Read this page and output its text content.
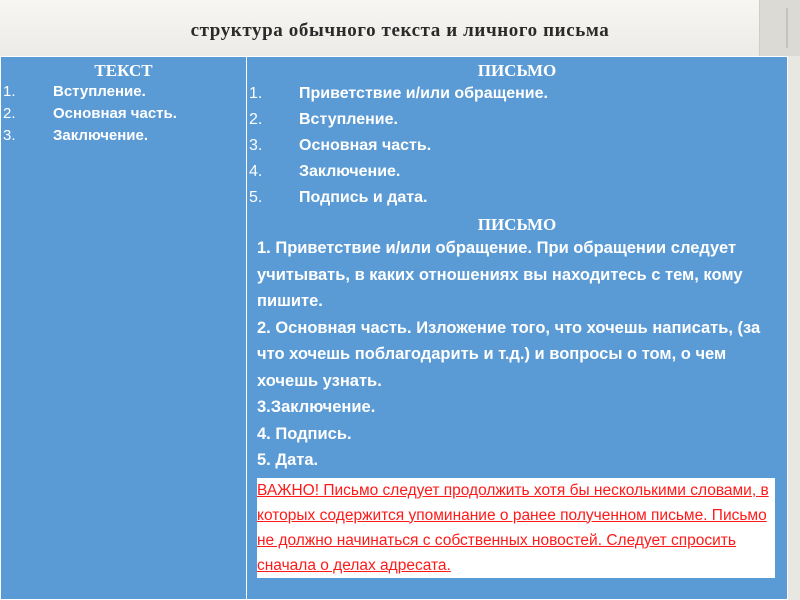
структура обычного текста и личного письма
ТЕКСТ
1. Вступление.
2. Основная часть.
3. Заключение.
ПИСЬМО
1. Приветствие и/или обращение.
2. Вступление.
3. Основная часть.
4. Заключение.
5. Подпись и дата.
ПИСЬМО
1. Приветствие и/или обращение. При обращении следует учитывать, в каких отношениях вы находитесь с тем, кому пишите.
2. Основная часть. Изложение того, что хочешь написать, (за что хочешь поблагодарить и т.д.) и вопросы о том, о чем хочешь узнать.
3.Заключение.
4. Подпись.
5. Дата.
ВАЖНО! Письмо следует продолжить хотя бы несколькими словами, в которых содержится упоминание о ранее полученном письме. Письмо не должно начинаться с собственных новостей. Следует спросить сначала о делах адресата.
